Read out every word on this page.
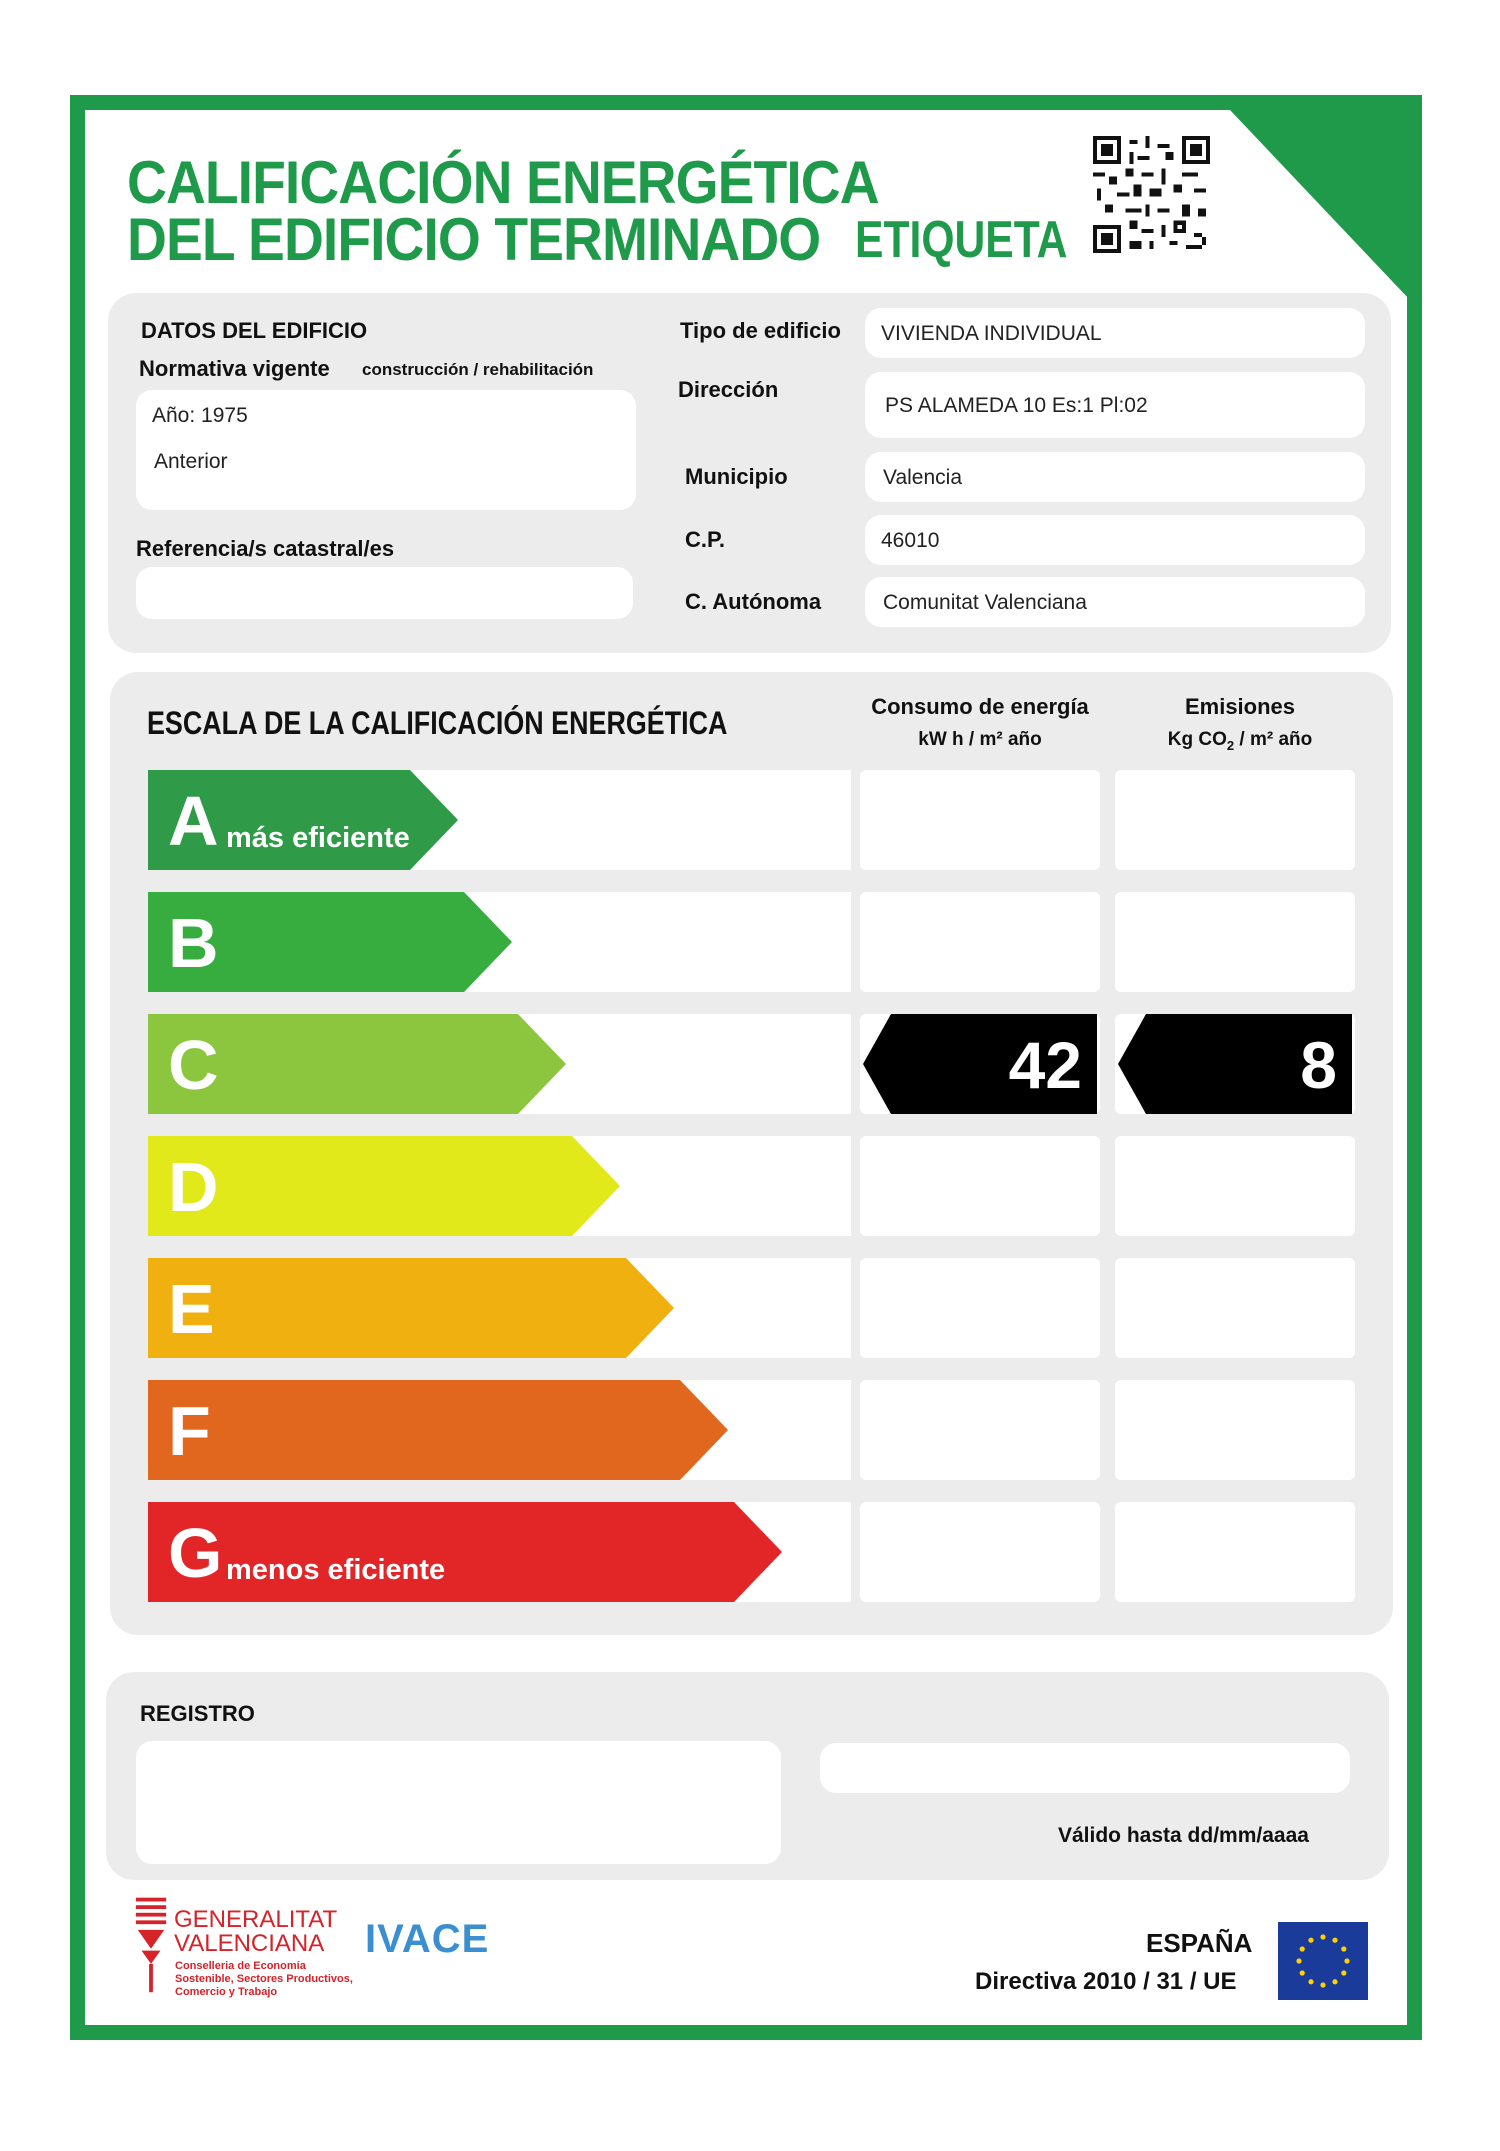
CALIFICACIÓN ENERGÉTICA
DEL EDIFICIO TERMINADO ETIQUETA
DATOS DEL EDIFICIO
Normativa vigente construcción / rehabilitación
Año: 1975
Anterior
Referencia/s catastral/es
Tipo de edificio	VIVIENDA INDIVIDUAL
Dirección
PS ALAMEDA 10 Es:1 Pl:02
Municipio	Valencia
C.P.	46010
C. Autónoma	Comunitat Valenciana
ESCALA DE LA CALIFICACIÓN ENERGÉTICA	Consumo de energía
kW h / m² año
Emisiones
Kg $CO_2 / m^2$ año
A más eficiente
B
C	42	8
D
E
F
G menos eficiente
REGISTRO
Válido hasta dd/mm/aaaa
GENERALITAT
VALENCIANA
Conselleria de Economía
Sostenible, Sectores Productivos,
Comercio y Trabajo
IVACE	ESPAÑA
Directiva 2010 / 31 / UE
